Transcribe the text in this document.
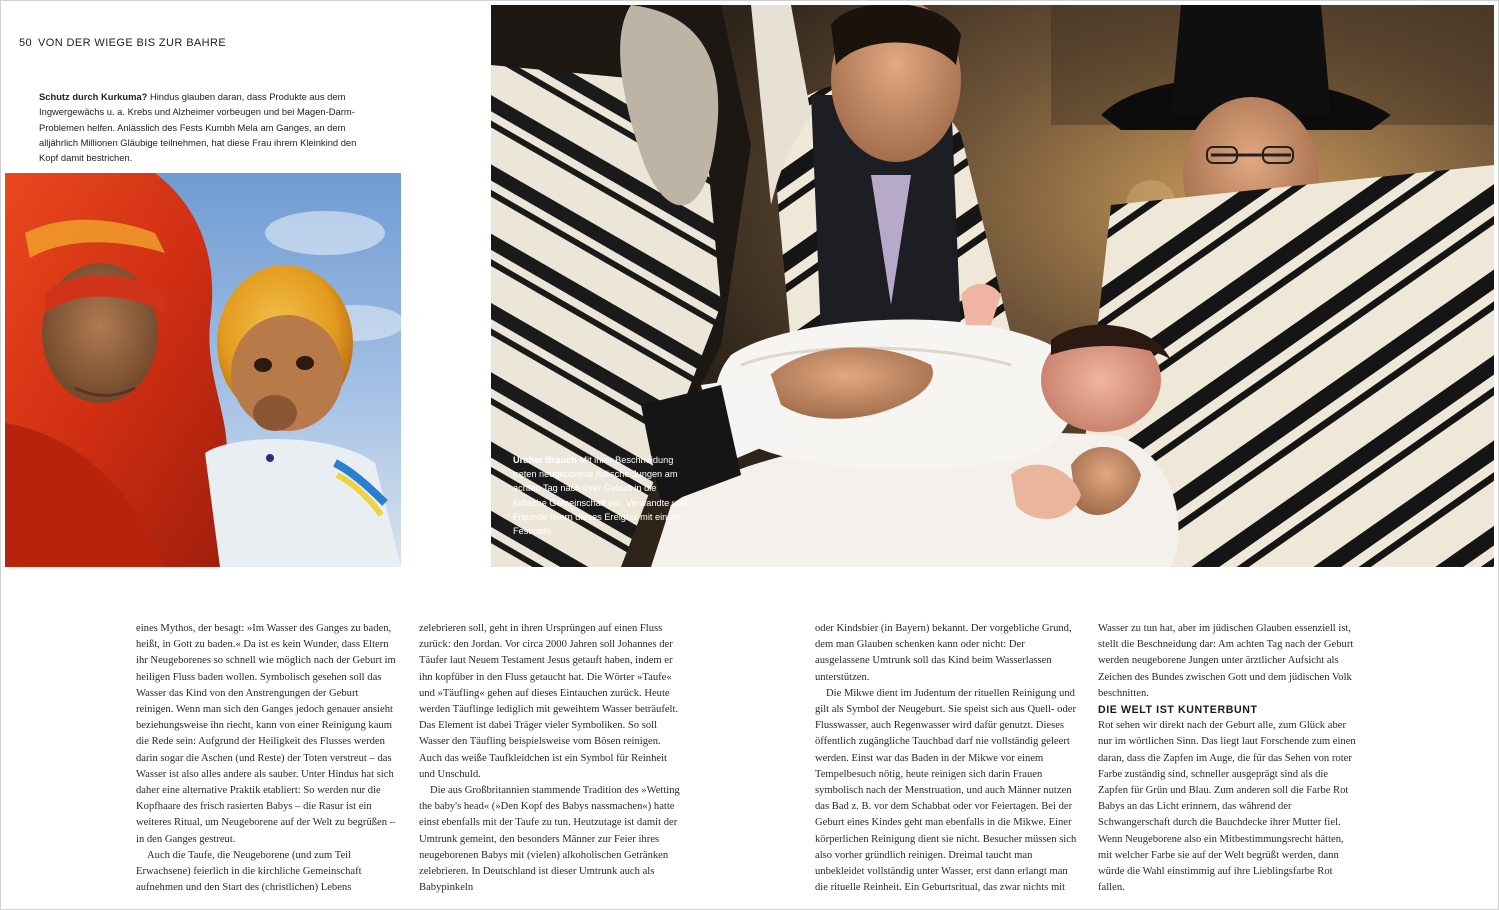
50 VON DER WIEGE BIS ZUR BAHRE
Schutz durch Kurkuma? Hindus glauben daran, dass Produkte aus dem Ingwergewächs u. a. Krebs und Alzheimer vorbeugen und bei Magen-Darm-Problemen helfen. Anlässlich des Fests Kumbh Mela am Ganges, an dem alljährlich Millionen Gläubige teilnehmen, hat diese Frau ihrem Kleinkind den Kopf damit bestrichen.
Uralter Brauch Mit ihrer Beschneidung treten neugeborene jüdische Jungen am achten Tag nach ihrer Geburt in die jüdische Gemeinschaft ein. Verwandte und Freunde feiern dieses Ereignis mit einem Festmahl.

eines Mythos, der besagt: »Im Wasser des Ganges zu baden, heißt, in Gott zu baden.« Da ist es kein Wunder, dass Eltern ihr Neugeborenes so schnell wie möglich nach der Geburt im heiligen Fluss baden wollen. Symbolisch gesehen soll das Wasser das Kind von den Anstrengungen der Geburt reinigen. Wenn man sich den Ganges jedoch genauer ansieht beziehungsweise ihn riecht, kann von einer Reinigung kaum die Rede sein: Aufgrund der Heiligkeit des Flusses werden darin sogar die Aschen (und Reste) der Toten verstreut – das Wasser ist also alles andere als sauber. Unter Hindus hat sich daher eine alternative Praktik etabliert: So werden nur die Kopfhaare des frisch rasierten Babys – die Rasur ist ein weiteres Ritual, um Neugeborene auf der Welt zu begrüßen – in den Ganges gestreut.

Auch die Taufe, die Neugeborene (und zum Teil Erwachsene) feierlich in die kirchliche Gemeinschaft aufnehmen und den Start des (christlichen) Lebens

zelebrieren soll, geht in ihren Ursprüngen auf einen Fluss zurück: den Jordan. Vor circa 2000 Jahren soll Johannes der Täufer laut Neuem Testament Jesus getauft haben, indem er ihn kopfüber in den Fluss getaucht hat. Die Wörter »Taufe« und »Täufling« gehen auf dieses Eintauchen zurück. Heute werden Täuflinge lediglich mit geweihtem Wasser beträufelt. Das Element ist dabei Träger vieler Symboliken. So soll Wasser den Täufling beispielsweise vom Bösen reinigen. Auch das weiße Taufkleidchen ist ein Symbol für Reinheit und Unschuld.

Die aus Großbritannien stammende Tradition des »Wetting the baby's head« (»Den Kopf des Babys nassmachen«) hatte einst ebenfalls mit der Taufe zu tun. Heutzutage ist damit der Umtrunk gemeint, den besonders Männer zur Feier ihres neugeborenen Babys mit (vielen) alkoholischen Getränken zelebrieren. In Deutschland ist dieser Umtrunk auch als Babypinkeln

oder Kindsbier (in Bayern) bekannt. Der vorgebliche Grund, dem man Glauben schenken kann oder nicht: Der ausgelassene Umtrunk soll das Kind beim Wasserlassen unterstützen.

Die Mikwe dient im Judentum der rituellen Reinigung und gilt als Symbol der Neugeburt. Sie speist sich aus Quell- oder Flusswasser, auch Regenwasser wird dafür genutzt. Dieses öffentlich zugängliche Tauchbad darf nie vollständig geleert werden. Einst war das Baden in der Mikwe vor einem Tempelbesuch nötig, heute reinigen sich darin Frauen symbolisch nach der Menstruation, und auch Männer nutzen das Bad z. B. vor dem Schabbat oder vor Feiertagen. Bei der Geburt eines Kindes geht man ebenfalls in die Mikwe. Einer körperlichen Reinigung dient sie nicht. Besucher müssen sich also vorher gründlich reinigen. Dreimal taucht man unbekleidet vollständig unter Wasser, erst dann erlangt man die rituelle Reinheit. Ein Geburtsritual, das zwar nichts mit

Wasser zu tun hat, aber im jüdischen Glauben essenziell ist, stellt die Beschneidung dar: Am achten Tag nach der Geburt werden neugeborene Jungen unter ärztlicher Aufsicht als Zeichen des Bundes zwischen Gott und dem jüdischen Volk beschnitten.

DIE WELT IST KUNTERBUNT

Rot sehen wir direkt nach der Geburt alle, zum Glück aber nur im wörtlichen Sinn. Das liegt laut Forschende zum einen daran, dass die Zapfen im Auge, die für das Sehen von roter Farbe zuständig sind, schneller ausgeprägt sind als die Zapfen für Grün und Blau. Zum anderen soll die Farbe Rot Babys an das Licht erinnern, das während der Schwangerschaft durch die Bauchdecke ihrer Mutter fiel. Wenn Neugeborene also ein Mitbestimmungsrecht hätten, mit welcher Farbe sie auf der Welt begrüßt werden, dann würde die Wahl einstimmig auf ihre Lieblingsfarbe Rot fallen.
